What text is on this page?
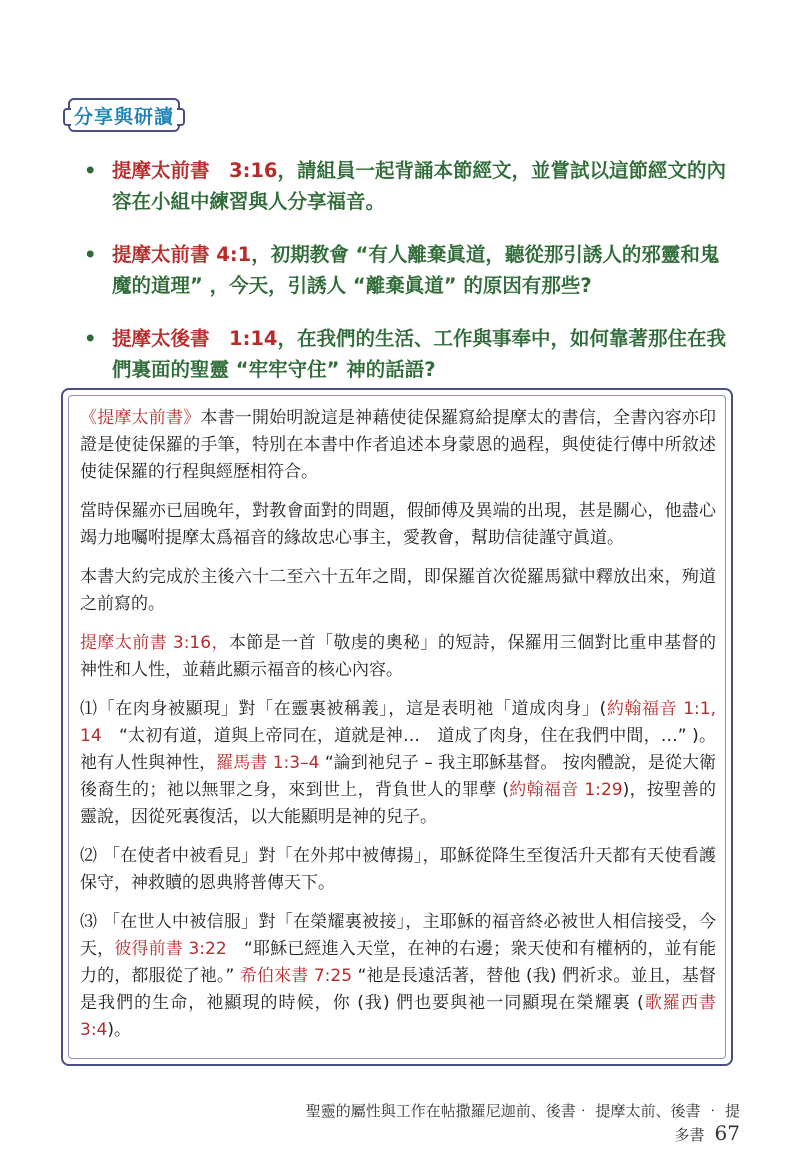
分享與研讀
• 提摩太前書　3:16，請組員一起背誦本節經文，並嘗試以這節經文的內容在小組中練習與人分享福音。
• 提摩太前書 4:1，初期教會 “有人離棄眞道，聽從那引誘人的邪靈和鬼魔的道理” ，今天，引誘人 “離棄眞道” 的原因有那些?
• 提摩太後書　1:14，在我們的生活、工作與事奉中，如何靠著那住在我們裏面的聖靈 “牢牢守住” 神的話語?

《提摩太前書》本書一開始明說這是神藉使徒保羅寫給提摩太的書信，全書內容亦印證是使徒保羅的手筆，特別在本書中作者追述本身蒙恩的過程，與使徒行傳中所敘述使徒保羅的行程與經歷相符合。

當時保羅亦已屆晚年，對教會面對的問題，假師傅及異端的出現，甚是關心，他盡心竭力地囑咐提摩太爲福音的緣故忠心事主，愛教會，幫助信徒謹守眞道。

本書大約完成於主後六十二至六十五年之間，即保羅首次從羅馬獄中釋放出來，殉道之前寫的。

提摩太前書 3:16，本節是一首「敬虔的奧秘」的短詩，保羅用三個對比重申基督的神性和人性，並藉此顯示福音的核心內容。

⑴「在肉身被顯現」對「在靈裏被稱義」，這是表明祂「道成肉身」(約翰福音 1:1, 14　“太初有道，道與上帝同在，道就是神…　道成了肉身，住在我們中間，…” )。 祂有人性與神性，羅馬書 1:3–4 “論到祂兒子 – 我主耶穌基督。 按肉體說，是從大衛後裔生的；祂以無罪之身，來到世上，背負世人的罪孽 (約翰福音 1:29)，按聖善的靈說，因從死裏復活，以大能顯明是神的兒子。

⑵ 「在使者中被看見」對「在外邦中被傳揚」，耶穌從降生至復活升天都有天使看護保守，神救贖的恩典將普傳天下。

⑶ 「在世人中被信服」對「在榮耀裏被接」，主耶穌的福音終必被世人相信接受，今天，彼得前書 3:22　“耶穌已經進入天堂，在神的右邊；衆天使和有權柄的，並有能力的，都服從了祂。” 希伯來書 7:25 “祂是長遠活著，替他 (我) 們祈求。並且，基督是我們的生命，祂顯現的時候，你 (我) 們也要與祂一同顯現在榮耀裏 (歌羅西書 3:4)。

聖靈的屬性與工作在帖撒羅尼迦前、後書‧ 提摩太前、後書 ‧ 提多書 67
